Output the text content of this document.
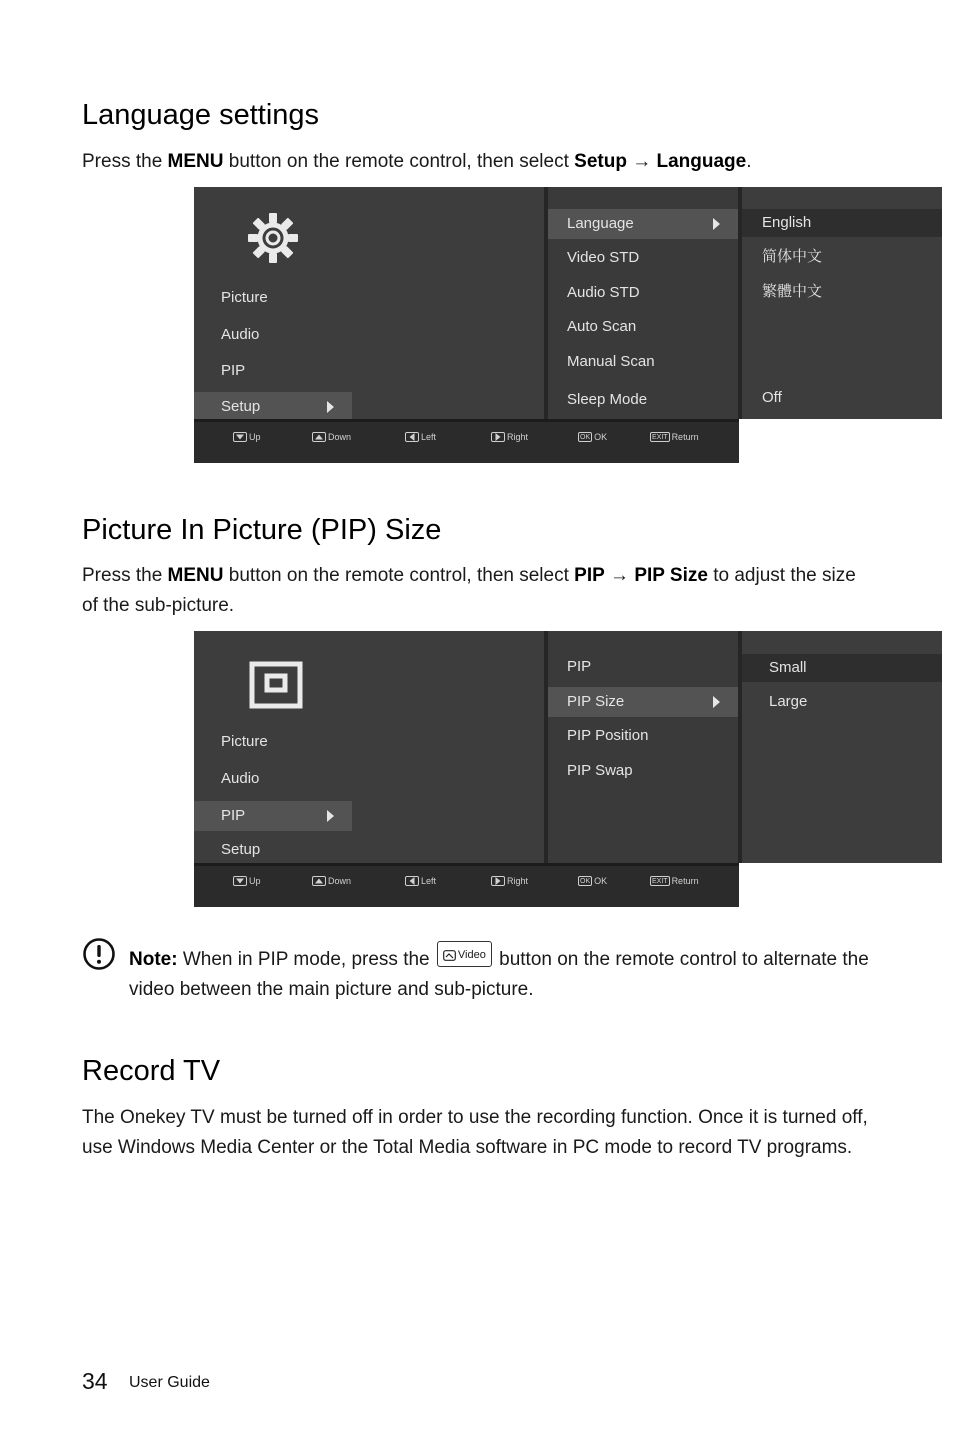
Language settings

Press the MENU button on the remote control, then select Setup → Language.

Picture
Audio
PIP
Setup
Language
Video STD
Audio STD
Auto Scan
Manual Scan
Sleep Mode
English
简体中文
繁體中文
Off
Up	Down	Left	Right	OK OK	EXIT Return
Picture In Picture (PIP) Size

Press the MENU button on the remote control, then select PIP → PIP Size to adjust the size of the sub-picture.

Picture
Audio
PIP
Setup
PIP
PIP Size
PIP Position
PIP Swap
Small
Large
Up	Down	Left	Right	OK OK	EXIT Return

Note: When in PIP mode, press the Video button on the remote control to alternate the video between the main picture and sub-picture.

Record TV

The Onekey TV must be turned off in order to use the recording function. Once it is turned off, use Windows Media Center or the Total Media software in PC mode to record TV programs.

34 User Guide
